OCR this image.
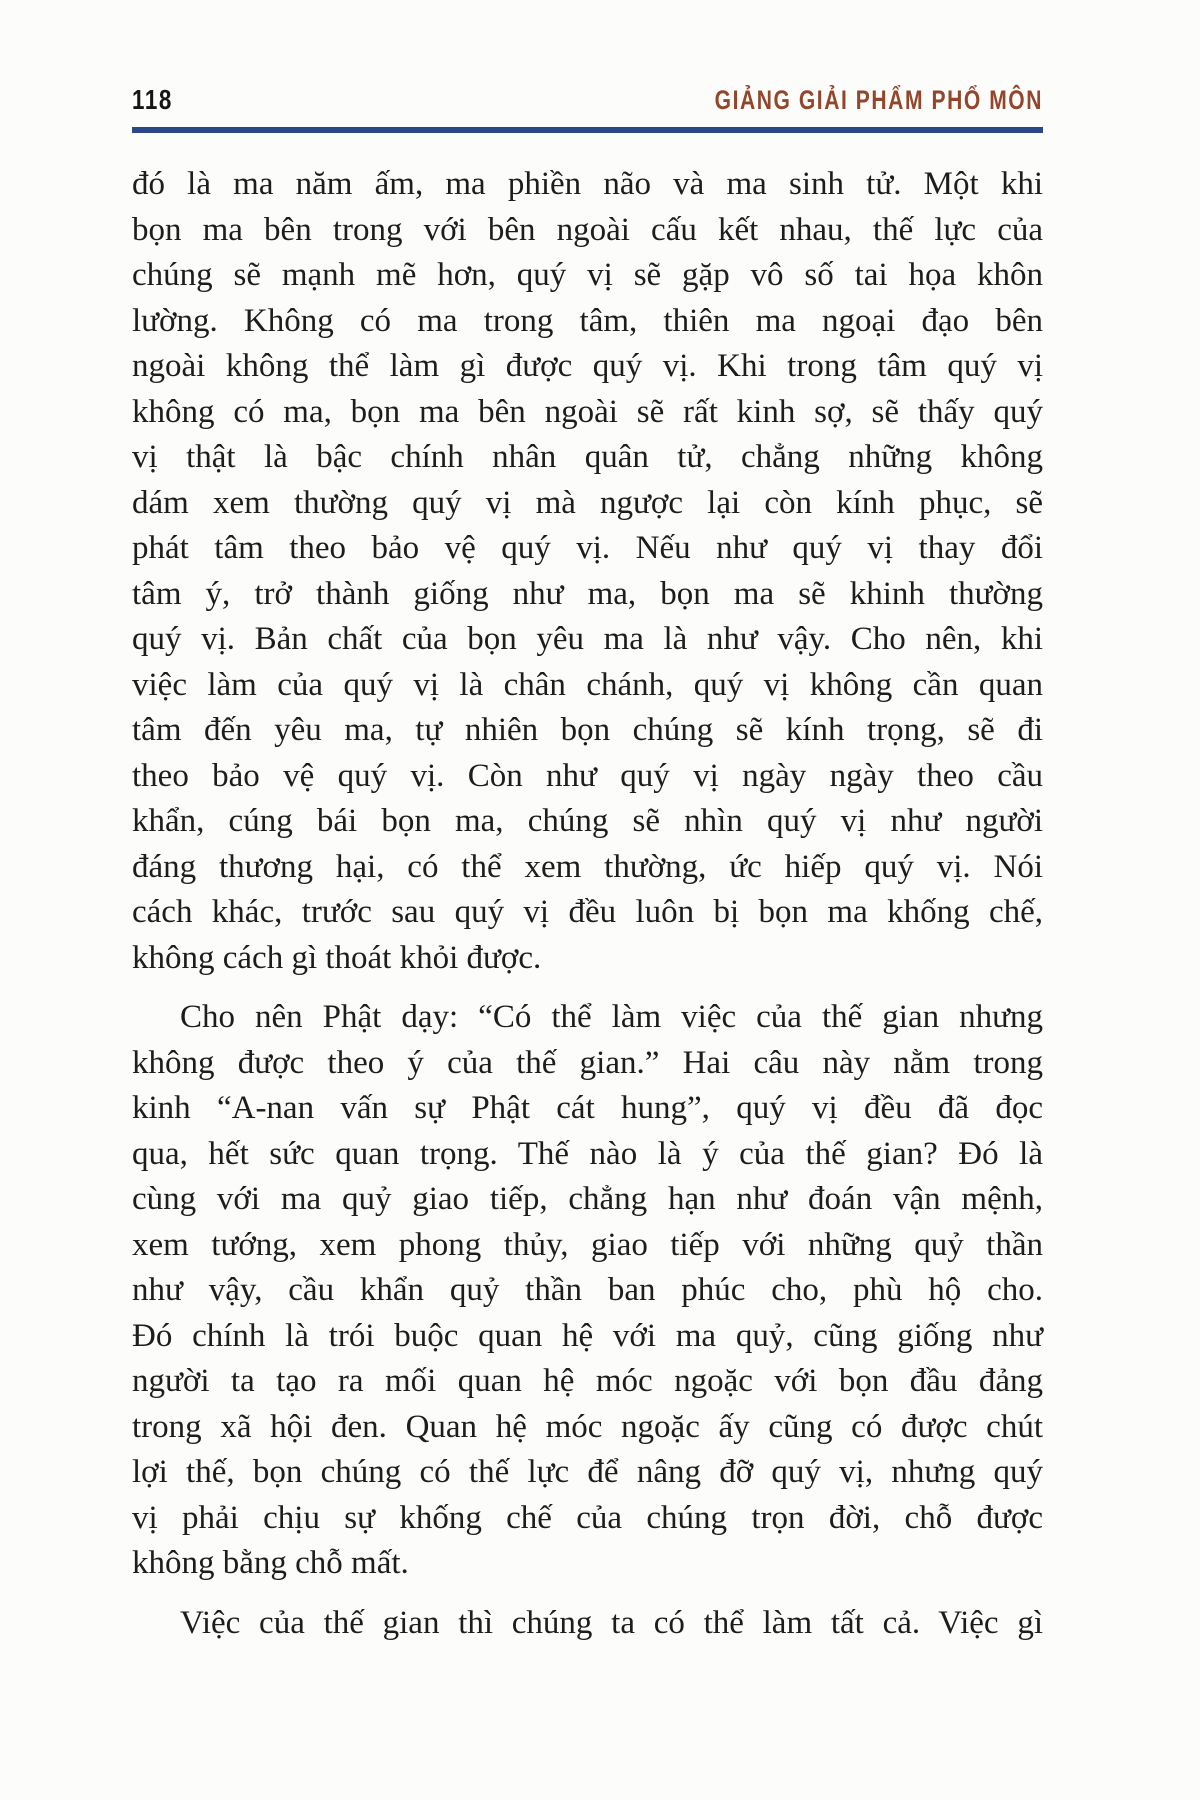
118	GIẢNG GIẢI PHẨM PHỔ MÔN
đó là ma năm ấm, ma phiền não và ma sinh tử. Một khi
bọn ma bên trong với bên ngoài cấu kết nhau, thế lực của
chúng sẽ mạnh mẽ hơn, quý vị sẽ gặp vô số tai họa khôn
lường. Không có ma trong tâm, thiên ma ngoại đạo bên
ngoài không thể làm gì được quý vị. Khi trong tâm quý vị
không có ma, bọn ma bên ngoài sẽ rất kinh sợ, sẽ thấy quý
vị thật là bậc chính nhân quân tử, chẳng những không
dám xem thường quý vị mà ngược lại còn kính phục, sẽ
phát tâm theo bảo vệ quý vị. Nếu như quý vị thay đổi
tâm ý, trở thành giống như ma, bọn ma sẽ khinh thường
quý vị. Bản chất của bọn yêu ma là như vậy. Cho nên, khi
việc làm của quý vị là chân chánh, quý vị không cần quan
tâm đến yêu ma, tự nhiên bọn chúng sẽ kính trọng, sẽ đi
theo bảo vệ quý vị. Còn như quý vị ngày ngày theo cầu
khẩn, cúng bái bọn ma, chúng sẽ nhìn quý vị như người
đáng thương hại, có thể xem thường, ức hiếp quý vị. Nói
cách khác, trước sau quý vị đều luôn bị bọn ma khống chế,
không cách gì thoát khỏi được.
Cho nên Phật dạy: “Có thể làm việc của thế gian nhưng
không được theo ý của thế gian.” Hai câu này nằm trong
kinh “A-nan vấn sự Phật cát hung”, quý vị đều đã đọc
qua, hết sức quan trọng. Thế nào là ý của thế gian? Đó là
cùng với ma quỷ giao tiếp, chẳng hạn như đoán vận mệnh,
xem tướng, xem phong thủy, giao tiếp với những quỷ thần
như vậy, cầu khẩn quỷ thần ban phúc cho, phù hộ cho.
Đó chính là trói buộc quan hệ với ma quỷ, cũng giống như
người ta tạo ra mối quan hệ móc ngoặc với bọn đầu đảng
trong xã hội đen. Quan hệ móc ngoặc ấy cũng có được chút
lợi thế, bọn chúng có thế lực để nâng đỡ quý vị, nhưng quý
vị phải chịu sự khống chế của chúng trọn đời, chỗ được
không bằng chỗ mất.
Việc của thế gian thì chúng ta có thể làm tất cả. Việc gì
